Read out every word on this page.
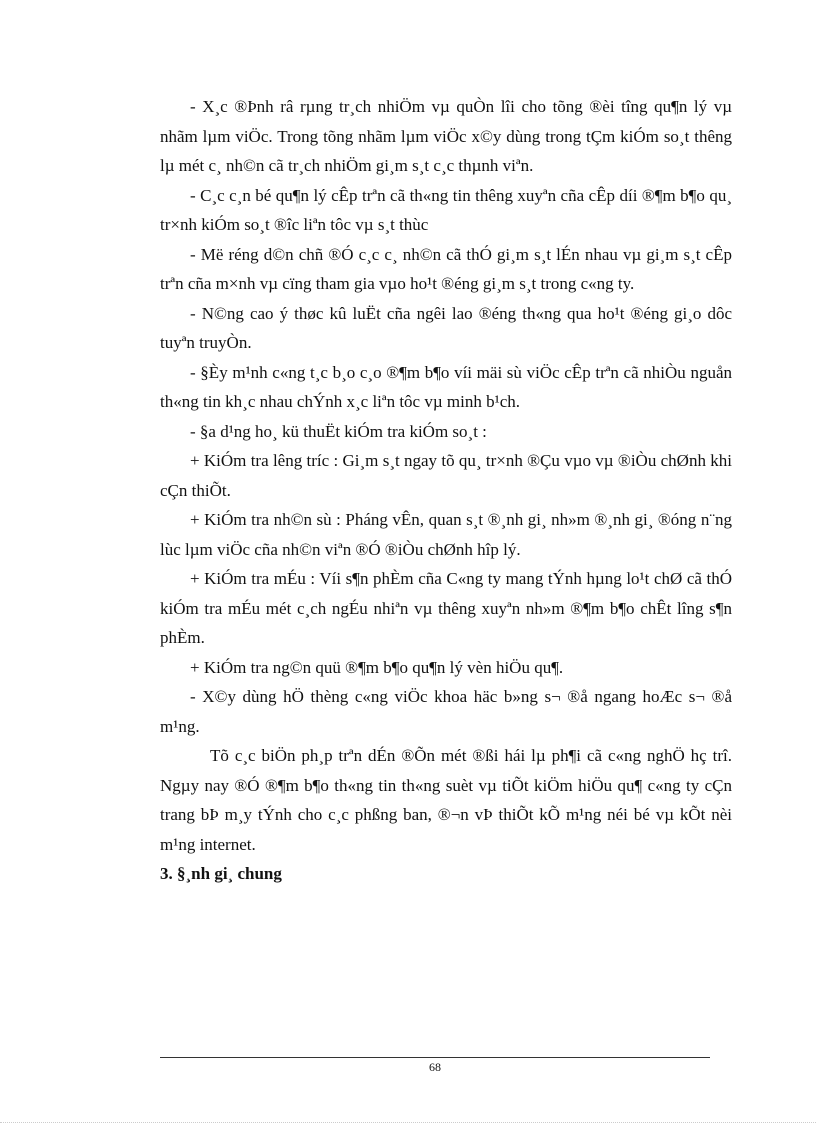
- X¸c ®Þnh râ rµng tr¸ch nhiÖm vµ quÒn lîi cho tõng ®èi tîng qu¶n lý vµ nhãm lµm viÖc. Trong tõng nhãm lµm viÖc x©y dùng trong tÇm kiÓm so¸t thêng lµ mét c¸ nh©n cã tr¸ch nhiÖm gi¸m s¸t c¸c thµnh viªn.

- C¸c c¸n bé qu¶n lý cÊp trªn cã th«ng tin thêng xuyªn cña cÊp díi ®¶m b¶o qu¸ tr×nh kiÓm so¸t ®îc liªn tôc vµ s¸t thùc

- Më réng d©n chñ ®Ó c¸c c¸ nh©n cã thÓ gi¸m s¸t lÉn nhau vµ gi¸m s¸t cÊp trªn cña m×nh vµ cïng tham gia vµo ho¹t ®éng gi¸m s¸t trong c«ng ty.

- N©ng cao ý thøc kû luËt cña ngêi lao ®éng th«ng qua ho¹t ®éng gi¸o dôc tuyªn truyÒn.

- §Èy m¹nh c«ng t¸c b¸o c¸o ®¶m b¶o víi mäi sù viÖc cÊp trªn cã nhiÒu nguån th«ng tin kh¸c nhau chÝnh x¸c liªn tôc vµ minh b¹ch.

- §a d¹ng ho¸ kü thuËt kiÓm tra kiÓm so¸t :

+ KiÓm tra lêng tríc : Gi¸m s¸t ngay tõ qu¸ tr×nh ®Çu vµo vµ ®iÒu chØnh khi cÇn thiÕt.

+ KiÓm tra nh©n sù : Pháng vÊn, quan s¸t ®¸nh gi¸ nh»m ®¸nh gi¸ ®óng n¨ng lùc lµm viÖc cña nh©n viªn ®Ó ®iÒu chØnh hîp lý.

+ KiÓm tra mÉu : Víi s¶n phÈm cña C«ng ty mang tÝnh hµng lo¹t chØ cã thÓ kiÓm tra mÉu mét c¸ch ngÉu nhiªn vµ thêng xuyªn nh»m ®¶m b¶o chÊt lîng s¶n phÈm.

+ KiÓm tra ng©n quü ®¶m b¶o qu¶n lý vèn hiÖu qu¶.

- X©y dùng hÖ thèng c«ng viÖc khoa häc b»ng s¬ ®å ngang hoÆc s¬ ®å m¹ng.

Tõ c¸c biÖn ph¸p trªn dÉn ®Õn mét ®ßi hái lµ ph¶i cã c«ng nghÖ hç trî. Ngµy nay ®Ó ®¶m b¶o th«ng tin th«ng suèt vµ tiÕt kiÖm hiÖu qu¶ c«ng ty cÇn trang bÞ m¸y tÝnh cho c¸c phßng ban, ®¬n vÞ thiÕt kÕ m¹ng néi bé vµ kÕt nèi m¹ng internet.

3. §¸nh gi¸ chung

68
